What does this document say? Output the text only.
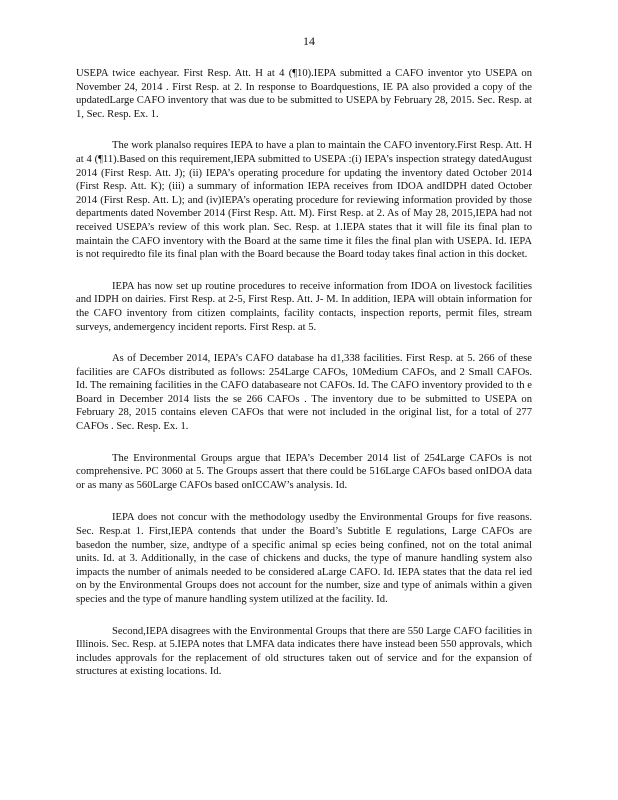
14

USEPA twice eachyear. First Resp. Att. H at 4 (¶10).IEPA submitted a CAFO inventor yto USEPA on November 24, 2014 . First Resp. at 2. In response to Boardquestions, IE PA also provided a copy of the updatedLarge CAFO inventory that was due to be submitted to USEPA by February 28, 2015. Sec. Resp. at 1, Sec. Resp. Ex. 1.

The work planalso requires IEPA to have a plan to maintain the CAFO inventory.First Resp. Att. H at 4 (¶11).Based on this requirement,IEPA submitted to USEPA :(i) IEPA’s inspection strategy datedAugust 2014 (First Resp. Att. J); (ii) IEPA’s operating procedure for updating the inventory dated October 2014 (First Resp. Att. K); (iii) a summary of information IEPA receives from IDOA andIDPH dated October 2014 (First Resp. Att. L); and (iv)IEPA’s operating procedure for reviewing information provided by those departments dated November 2014 (First Resp. Att. M). First Resp. at 2. As of May 28, 2015,IEPA had not received USEPA’s review of this work plan. Sec. Resp. at 1.IEPA states that it will file its final plan to maintain the CAFO inventory with the Board at the same time it files the final plan with USEPA. Id. IEPA is not requiredto file its final plan with the Board because the Board today takes final action in this docket.

IEPA has now set up routine procedures to receive information from IDOA on livestock facilities and IDPH on dairies. First Resp. at 2-5, First Resp. Att. J- M. In addition, IEPA will obtain information for the CAFO inventory from citizen complaints, facility contacts, inspection reports, permit files, stream surveys, andemergency incident reports. First Resp. at 5.

As of December 2014, IEPA’s CAFO database ha d1,338 facilities. First Resp. at 5. 266 of these facilities are CAFOs distributed as follows: 254Large CAFOs, 10Medium CAFOs, and 2 Small CAFOs. Id. The remaining facilities in the CAFO databaseare not CAFOs. Id. The CAFO inventory provided to th e Board in December 2014 lists the se 266 CAFOs . The inventory due to be submitted to USEPA on February 28, 2015 contains eleven CAFOs that were not included in the original list, for a total of 277 CAFOs . Sec. Resp. Ex. 1.

The Environmental Groups argue that IEPA’s December 2014 list of 254Large CAFOs is not comprehensive. PC 3060 at 5. The Groups assert that there could be 516Large CAFOs based onIDOA data or as many as 560Large CAFOs based onICCAW’s analysis. Id.

IEPA does not concur with the methodology usedby the Environmental Groups for five reasons. Sec. Resp.at 1. First,IEPA contends that under the Board’s Subtitle E regulations, Large CAFOs are basedon the number, size, andtype of a specific animal sp ecies being confined, not on the total animal units. Id. at 3. Additionally, in the case of chickens and ducks, the type of manure handling system also impacts the number of animals needed to be considered aLarge CAFO. Id. IEPA states that the data rel ied on by the Environmental Groups does not account for the number, size and type of animals within a given species and the type of manure handling system utilized at the facility. Id.

Second,IEPA disagrees with the Environmental Groups that there are 550 Large CAFO facilities in Illinois. Sec. Resp. at 5.IEPA notes that LMFA data indicates there have instead been 550 approvals, which includes approvals for the replacement of old structures taken out of service and for the expansion of structures at existing locations. Id.
